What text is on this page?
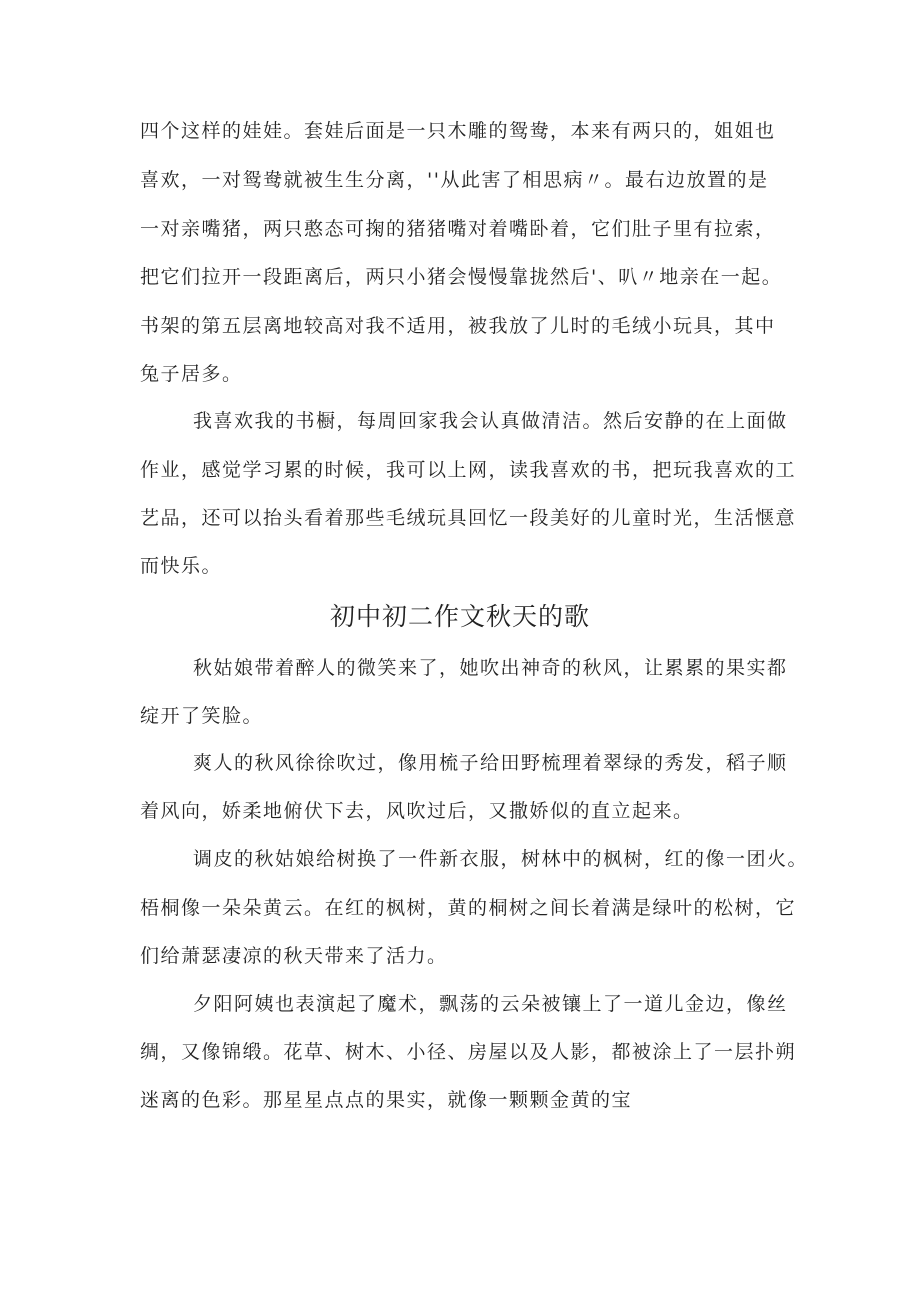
四个这样的娃娃。套娃后面是一只木雕的鸳鸯，本来有两只的，姐姐也
喜欢，一对鸳鸯就被生生分离，''从此害了相思病〃。最右边放置的是
一对亲嘴猪，两只憨态可掬的猪猪嘴对着嘴卧着，它们肚子里有拉索，
把它们拉开一段距离后，两只小猪会慢慢靠拢然后'、叭〃地亲在一起。
书架的第五层离地较高对我不适用，被我放了儿时的毛绒小玩具，其中
兔子居多。
我喜欢我的书橱，每周回家我会认真做清洁。然后安静的在上面做
作业，感觉学习累的时候，我可以上网，读我喜欢的书，把玩我喜欢的工
艺品，还可以抬头看着那些毛绒玩具回忆一段美好的儿童时光，生活惬意
而快乐。
初中初二作文秋天的歌
秋姑娘带着醉人的微笑来了，她吹出神奇的秋风，让累累的果实都
绽开了笑脸。
爽人的秋风徐徐吹过，像用梳子给田野梳理着翠绿的秀发，稻子顺
着风向，娇柔地俯伏下去，风吹过后，又撒娇似的直立起来。
调皮的秋姑娘给树换了一件新衣服，树林中的枫树，红的像一团火。
梧桐像一朵朵黄云。在红的枫树，黄的桐树之间长着满是绿叶的松树，它
们给萧瑟凄凉的秋天带来了活力。
夕阳阿姨也表演起了魔术，飘荡的云朵被镶上了一道儿金边，像丝
绸，又像锦缎。花草、树木、小径、房屋以及人影，都被涂上了一层扑朔
迷离的色彩。那星星点点的果实，就像一颗颗金黄的宝
